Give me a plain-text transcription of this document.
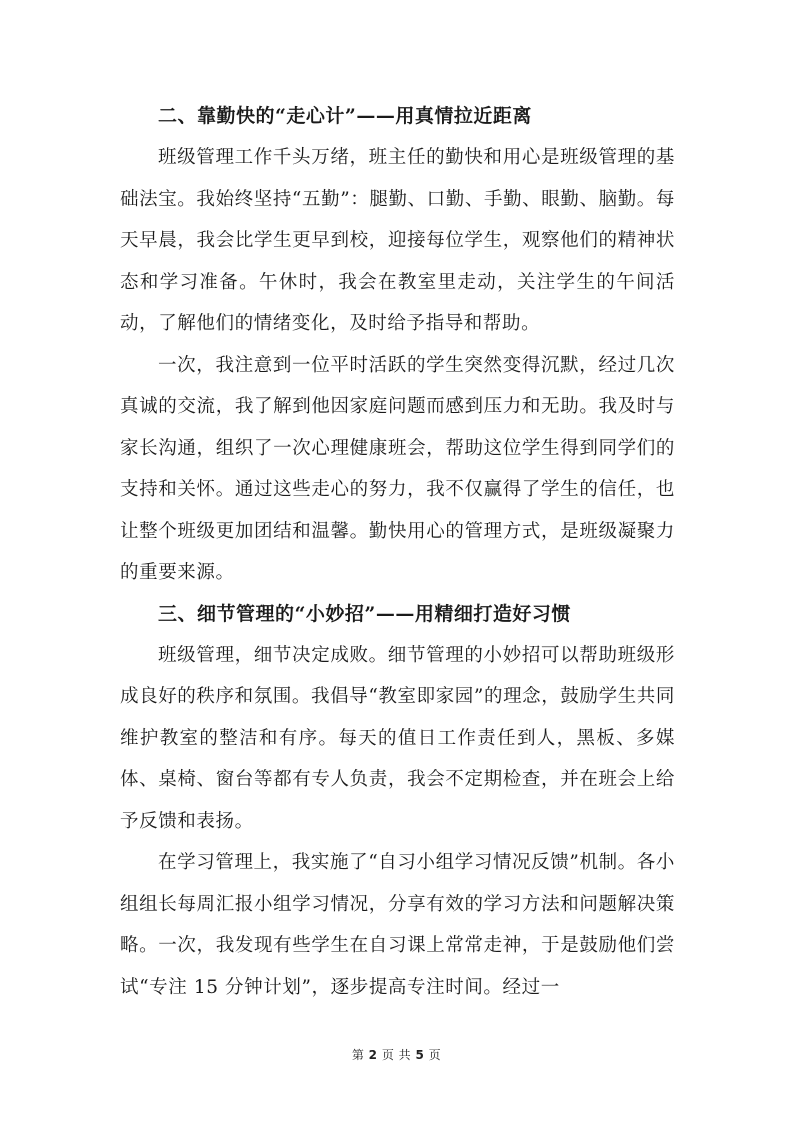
二、靠勤快的“走心计”——用真情拉近距离

班级管理工作千头万绪，班主任的勤快和用心是班级管理的基础法宝。我始终坚持“五勤”：腿勤、口勤、手勤、眼勤、脑勤。每天早晨，我会比学生更早到校，迎接每位学生，观察他们的精神状态和学习准备。午休时，我会在教室里走动，关注学生的午间活动，了解他们的情绪变化，及时给予指导和帮助。

一次，我注意到一位平时活跃的学生突然变得沉默，经过几次真诚的交流，我了解到他因家庭问题而感到压力和无助。我及时与家长沟通，组织了一次心理健康班会，帮助这位学生得到同学们的支持和关怀。通过这些走心的努力，我不仅赢得了学生的信任，也让整个班级更加团结和温馨。勤快用心的管理方式，是班级凝聚力的重要来源。

三、细节管理的“小妙招”——用精细打造好习惯

班级管理，细节决定成败。细节管理的小妙招可以帮助班级形成良好的秩序和氛围。我倡导“教室即家园”的理念，鼓励学生共同维护教室的整洁和有序。每天的值日工作责任到人，黑板、多媒体、桌椅、窗台等都有专人负责，我会不定期检查，并在班会上给予反馈和表扬。

在学习管理上，我实施了“自习小组学习情况反馈”机制。各小组组长每周汇报小组学习情况，分享有效的学习方法和问题解决策略。一次，我发现有些学生在自习课上常常走神，于是鼓励他们尝试“专注 15 分钟计划”，逐步提高专注时间。经过一

第 2 页 共 5 页
